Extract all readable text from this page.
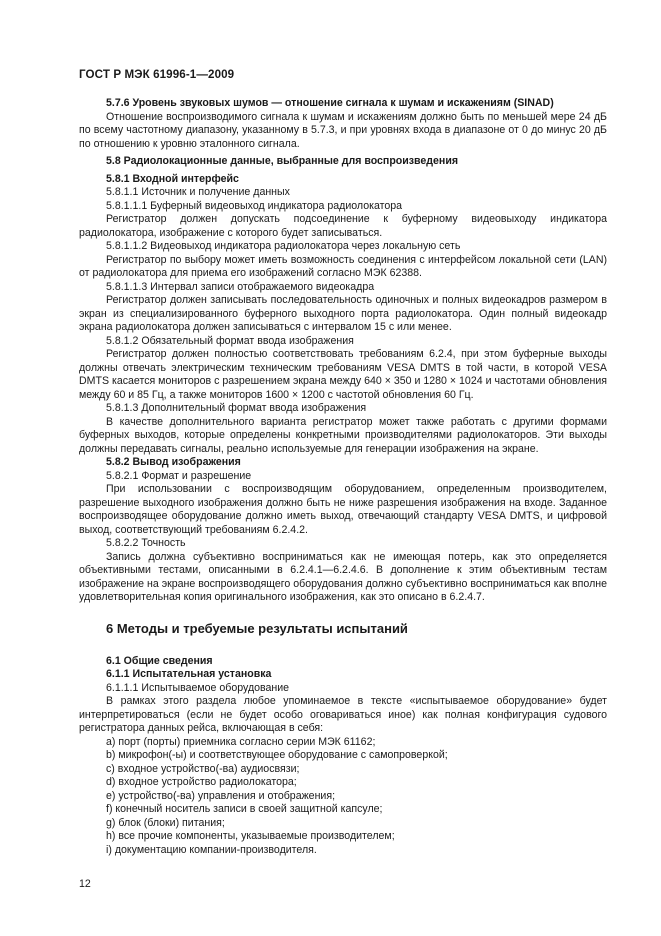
ГОСТ Р МЭК 61996-1—2009

5.7.6 Уровень звуковых шумов — отношение сигнала к шумам и искажениям (SINAD)

Отношение воспроизводимого сигнала к шумам и искажениям должно быть по меньшей мере 24 дБ по всему частотному диапазону, указанному в 5.7.3, и при уровнях входа в диапазоне от 0 до минус 20 дБ по отношению к уровню эталонного сигнала.

5.8 Радиолокационные данные, выбранные для воспроизведения

5.8.1 Входной интерфейс

5.8.1.1 Источник и получение данных

5.8.1.1.1 Буферный видеовыход индикатора радиолокатора

Регистратор должен допускать подсоединение к буферному видеовыходу индикатора радиолокатора, изображение с которого будет записываться.

5.8.1.1.2 Видеовыход индикатора радиолокатора через локальную сеть

Регистратор по выбору может иметь возможность соединения с интерфейсом локальной сети (LAN) от радиолокатора для приема его изображений согласно МЭК 62388.

5.8.1.1.3 Интервал записи отображаемого видеокадра

Регистратор должен записывать последовательность одиночных и полных видеокадров размером в экран из специализированного буферного выходного порта радиолокатора. Один полный видеокадр экрана радиолокатора должен записываться с интервалом 15 с или менее.

5.8.1.2 Обязательный формат ввода изображения

Регистратор должен полностью соответствовать требованиям 6.2.4, при этом буферные выходы должны отвечать электрическим техническим требованиям VESA DMTS в той части, в которой VESA DMTS касается мониторов с разрешением экрана между 640 × 350 и 1280 × 1024 и частотами обновления между 60 и 85 Гц, а также мониторов 1600 × 1200 с частотой обновления 60 Гц.

5.8.1.3 Дополнительный формат ввода изображения

В качестве дополнительного варианта регистратор может также работать с другими формами буферных выходов, которые определены конкретными производителями радиолокаторов. Эти выходы должны передавать сигналы, реально используемые для генерации изображения на экране.

5.8.2 Вывод изображения

5.8.2.1 Формат и разрешение

При использовании с воспроизводящим оборудованием, определенным производителем, разрешение выходного изображения должно быть не ниже разрешения изображения на входе. Заданное воспроизводящее оборудование должно иметь выход, отвечающий стандарту VESA DMTS, и цифровой выход, соответствующий требованиям 6.2.4.2.

5.8.2.2 Точность

Запись должна субъективно восприниматься как не имеющая потерь, как это определяется объективными тестами, описанными в 6.2.4.1—6.2.4.6. В дополнение к этим объективным тестам изображение на экране воспроизводящего оборудования должно субъективно восприниматься как вполне удовлетворительная копия оригинального изображения, как это описано в 6.2.4.7.

6 Методы и требуемые результаты испытаний

6.1 Общие сведения

6.1.1 Испытательная установка

6.1.1.1 Испытываемое оборудование

В рамках этого раздела любое упоминаемое в тексте «испытываемое оборудование» будет интерпретироваться (если не будет особо оговариваться иное) как полная конфигурация судового регистратора данных рейса, включающая в себя:

a) порт (порты) приемника согласно серии МЭК 61162;

b) микрофон(-ы) и соответствующее оборудование с самопроверкой;

c) входное устройство(-ва) аудиосвязи;

d) входное устройство радиолокатора;

e) устройство(-ва) управления и отображения;

f) конечный носитель записи в своей защитной капсуле;

g) блок (блоки) питания;

h) все прочие компоненты, указываемые производителем;

i) документацию компании-производителя.

12
